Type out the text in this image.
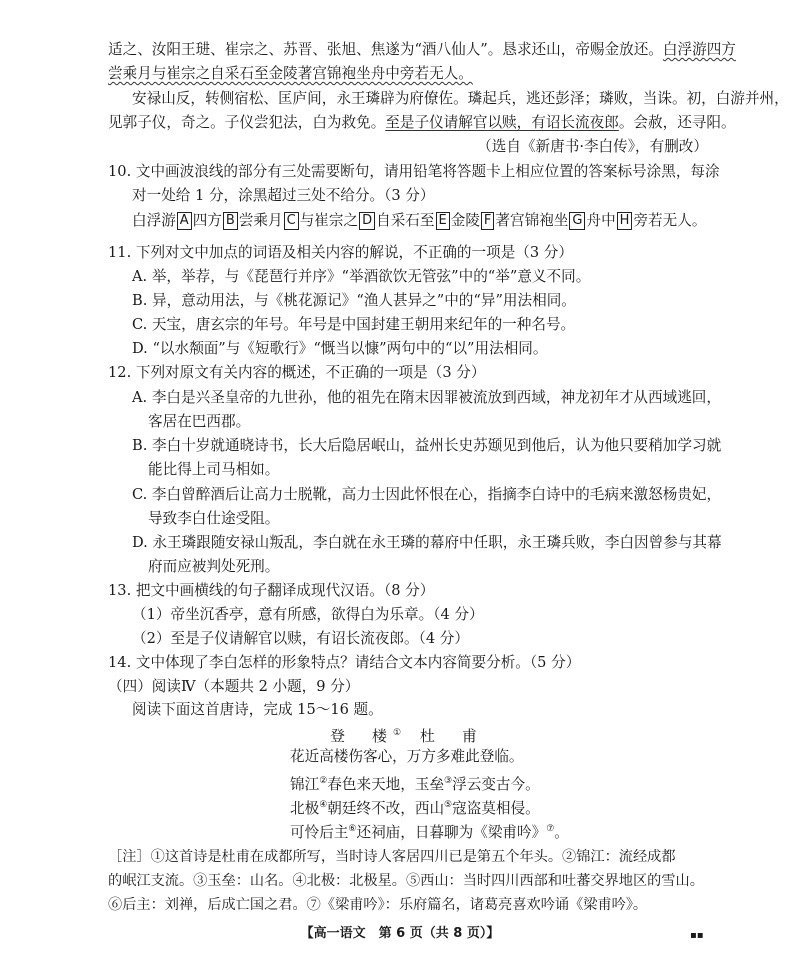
适之、汝阳王琎、崔宗之、苏晋、张旭、焦遂为“酒八仙人”。恳求还山，帝赐金放还。白浮游四方
尝乘月与崔宗之自采石至金陵著宫锦袍坐舟中旁若无人。
安禄山反，转侧宿松、匡庐间，永王璘辟为府僚佐。璘起兵，逃还彭泽；璘败，当诛。初，白游并州，
见郭子仪，奇之。子仪尝犯法，白为救免。至是子仪请解官以赎，有诏长流夜郎。会赦，还寻阳。
（选自《新唐书·李白传》，有删改）
10. 文中画波浪线的部分有三处需要断句，请用铅笔将答题卡上相应位置的答案标号涂黑，每涂
对一处给 1 分，涂黑超过三处不给分。（3 分）
白浮游 A 四方 B 尝乘月 C 与崔宗之 D 自采石至 E 金陵 F 著宫锦袍坐 G 舟中 H 旁若无人。
11. 下列对文中加点的词语及相关内容的解说，不正确的一项是（3 分）
A. 举，举荐，与《琵琶行并序》“举酒欲饮无管弦”中的“举”意义不同。
B. 异，意动用法，与《桃花源记》“渔人甚异之”中的“异”用法相同。
C. 天宝，唐玄宗的年号。年号是中国封建王朝用来纪年的一种名号。
D. “以水颒面”与《短歌行》“慨当以慷”两句中的“以”用法相同。
12. 下列对原文有关内容的概述，不正确的一项是（3 分）
A. 李白是兴圣皇帝的九世孙，他的祖先在隋末因罪被流放到西域，神龙初年才从西域逃回，
客居在巴西郡。
B. 李白十岁就通晓诗书，长大后隐居岷山，益州长史苏颋见到他后，认为他只要稍加学习就
能比得上司马相如。
C. 李白曾醉酒后让高力士脱靴，高力士因此怀恨在心，指摘李白诗中的毛病来激怒杨贵妃，
导致李白仕途受阻。
D. 永王璘跟随安禄山叛乱，李白就在永王璘的幕府中任职，永王璘兵败，李白因曾参与其幕
府而应被判处死刑。
13. 把文中画横线的句子翻译成现代汉语。（8 分）
（1）帝坐沉香亭，意有所感，欲得白为乐章。（4 分）
（2）至是子仪请解官以赎，有诏长流夜郎。（4 分）
14. 文中体现了李白怎样的形象特点？请结合文本内容简要分析。（5 分）
（四）阅读Ⅳ（本题共 2 小题，9 分）
阅读下面这首唐诗，完成 15～16 题。
登　楼① 杜　甫
花近高楼伤客心，万方多难此登临。
锦江②春色来天地，玉垒③浮云变古今。
北极④朝廷终不改，西山⑤寇盗莫相侵。
可怜后主⑥还祠庙，日暮聊为《梁甫吟》⑦。
［注］①这首诗是杜甫在成都所写，当时诗人客居四川已是第五个年头。②锦江：流经成都
的岷江支流。③玉垒：山名。④北极：北极星。⑤西山：当时四川西部和吐蕃交界地区的雪山。
⑥后主：刘禅，后成亡国之君。⑦《梁甫吟》：乐府篇名，诸葛亮喜欢吟诵《梁甫吟》。
【高一语文　第 6 页（共 8 页）】	▪▪
